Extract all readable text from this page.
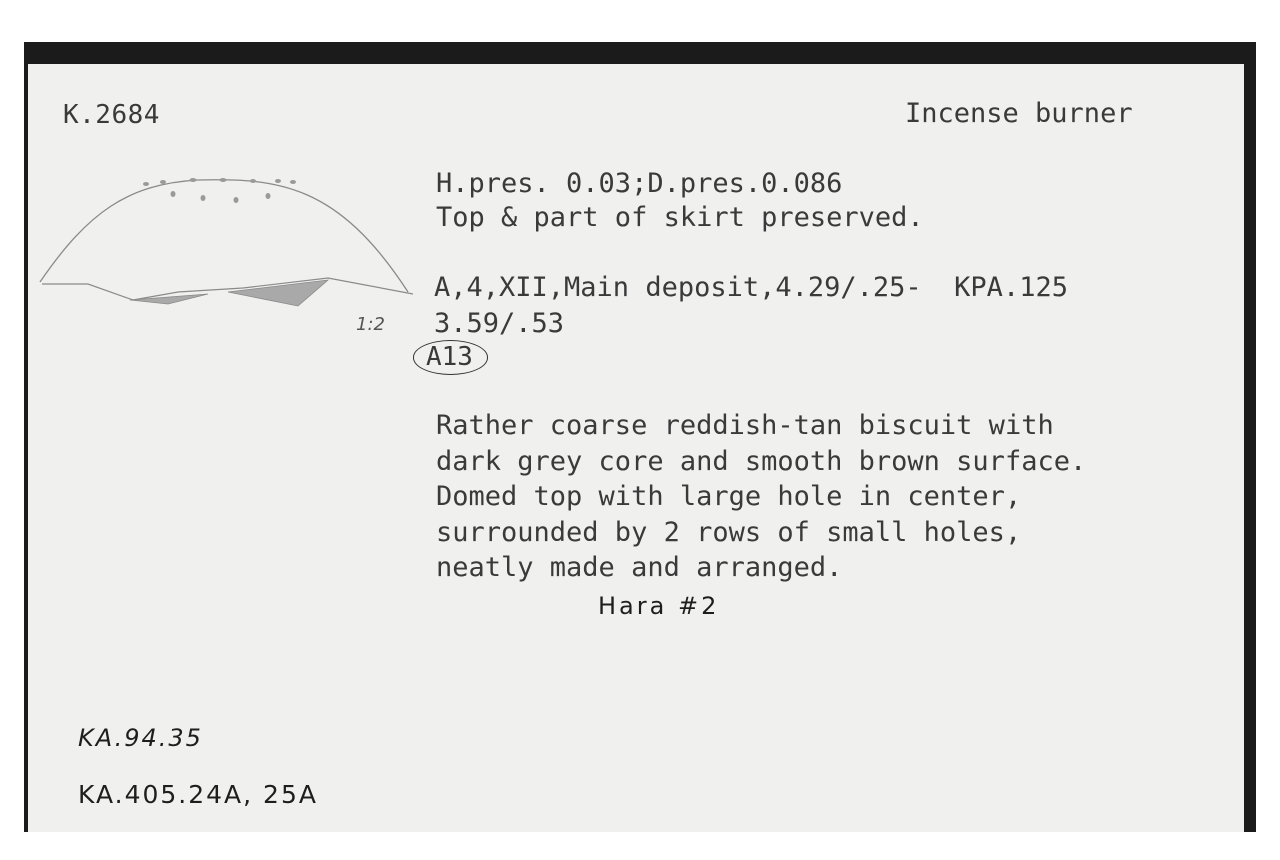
K.2684	Incense burner

1:2

H.pres. 0.03;D.pres.0.086

Top & part of skirt preserved.

A,4,XII,Main deposit,4.29/.25-  KPA.125

3.59/.53

A13

Rather coarse reddish-tan biscuit with
dark grey core and smooth brown surface.
Domed top with large hole in center,
surrounded by 2 rows of small holes,
neatly made and arranged.

Hara #2

KA.94.35

KA.405.24A, 25A
